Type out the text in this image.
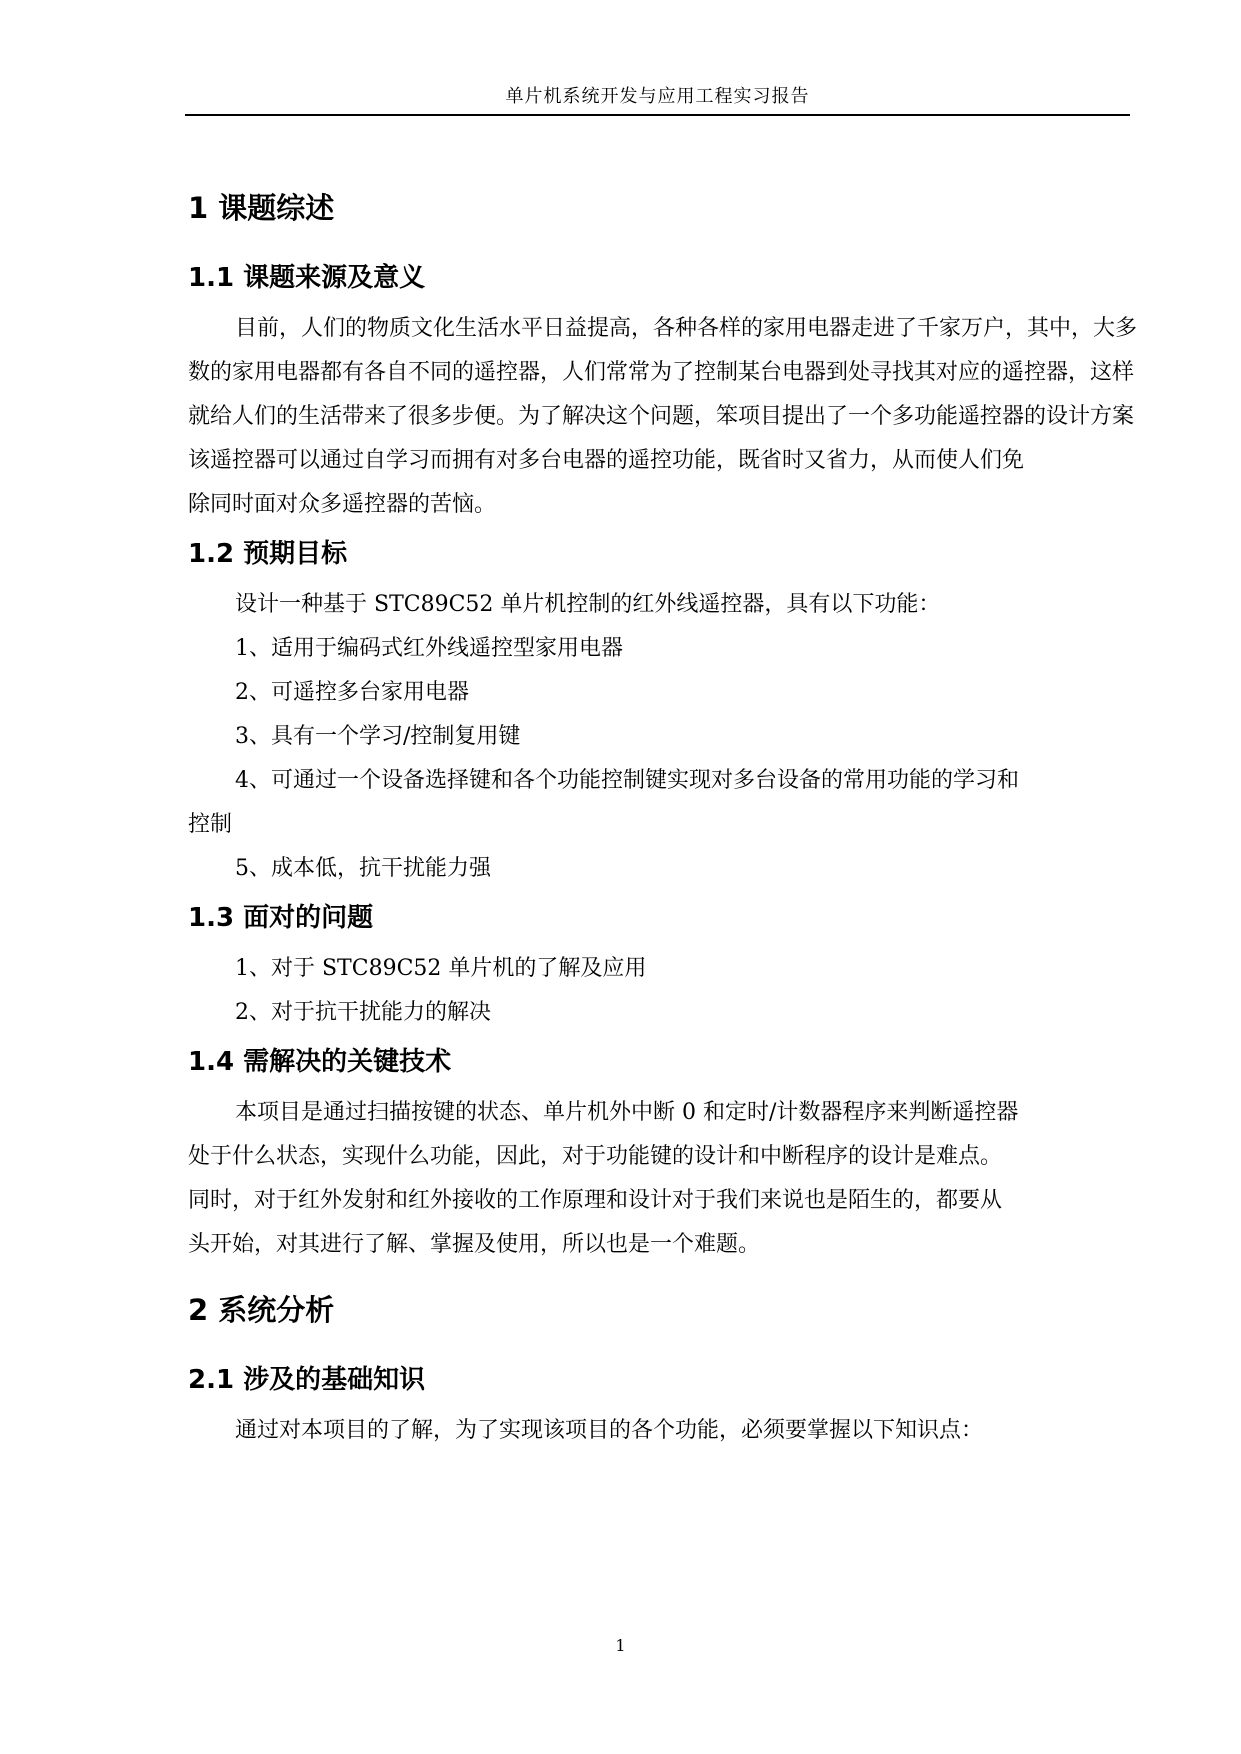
单片机系统开发与应用工程实习报告
1 课题综述
1.1 课题来源及意义
目前，人们的物质文化生活水平日益提高，各种各样的家用电器走进了千家万户，其中，大多
数的家用电器都有各自不同的遥控器，人们常常为了控制某台电器到处寻找其对应的遥控器，这样
就给人们的生活带来了很多步便。为了解决这个问题，笨项目提出了一个多功能遥控器的设计方案
该遥控器可以通过自学习而拥有对多台电器的遥控功能，既省时又省力，从而使人们免
除同时面对众多遥控器的苦恼。
1.2 预期目标
设计一种基于 STC89C52 单片机控制的红外线遥控器，具有以下功能：
1、适用于编码式红外线遥控型家用电器
2、可遥控多台家用电器
3、具有一个学习/控制复用键
4、可通过一个设备选择键和各个功能控制键实现对多台设备的常用功能的学习和
控制
5、成本低，抗干扰能力强
1.3 面对的问题
1、对于 STC89C52 单片机的了解及应用
2、对于抗干扰能力的解决
1.4 需解决的关键技术
本项目是通过扫描按键的状态、单片机外中断 0 和定时/计数器程序来判断遥控器
处于什么状态，实现什么功能，因此，对于功能键的设计和中断程序的设计是难点。
同时，对于红外发射和红外接收的工作原理和设计对于我们来说也是陌生的，都要从
头开始，对其进行了解、掌握及使用，所以也是一个难题。
2 系统分析
2.1 涉及的基础知识
通过对本项目的了解，为了实现该项目的各个功能，必须要掌握以下知识点：
1
